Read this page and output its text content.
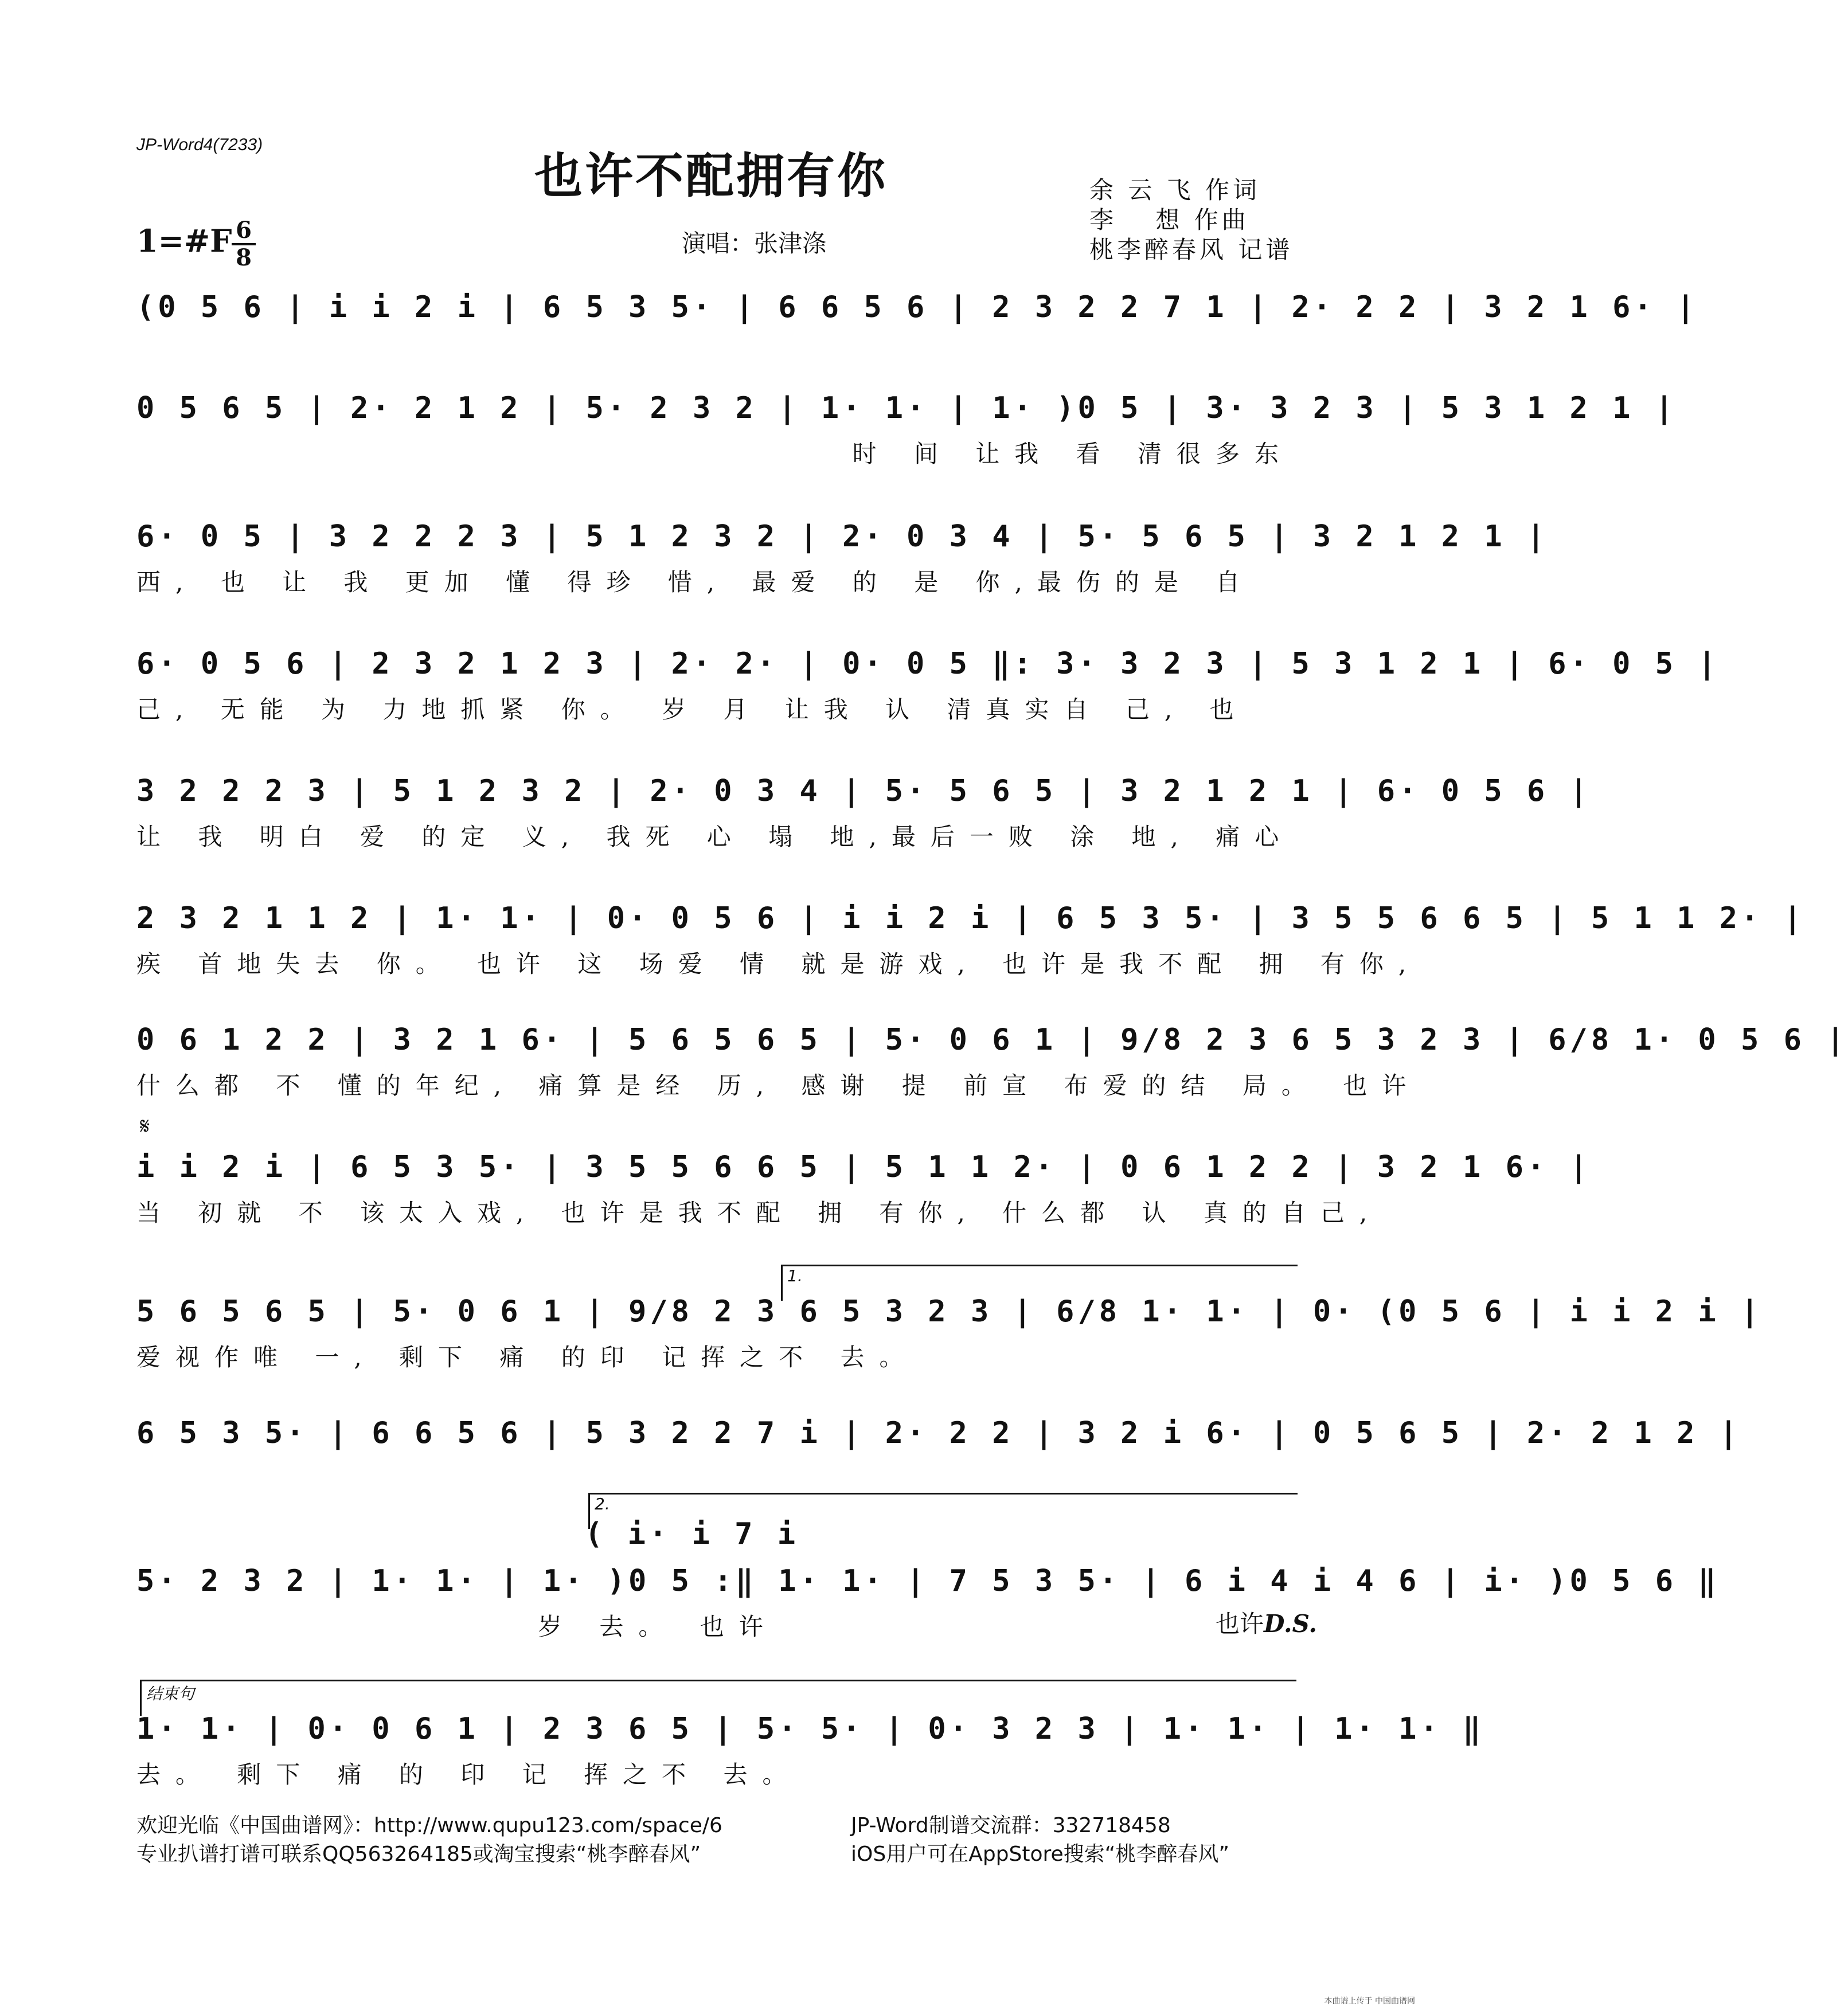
JP-Word4(7233)
也许不配拥有你
1=#F 6
8
演唱：张津涤
余 云 飞 作词
李　 想 作曲
桃李醉春风 记谱
(0 5 6 | i i 2 i | 6 5 3 5· | 6 6 5 6 | 2 3 2 2 7 1 | 2· 2 2 | 3 2 1 6· |
0 5 6 5 | 2· 2 1 2 | 5· 2 3 2 | 1· 1· | 1· )0 5 | 3· 3 2 3 | 5 3 1 2 1 |
时 间 让我 看 清很多东
6· 0 5 | 3 2 2 2 3 | 5 1 2 3 2 | 2· 0 3 4 | 5· 5 6 5 | 3 2 1 2 1 |
西, 也 让 我 更加 懂 得珍 惜, 最爱 的 是 你,最伤的是 自
6· 0 5 6 | 2 3 2 1 2 3 | 2· 2· | 0· 0 5 ‖: 3· 3 2 3 | 5 3 1 2 1 | 6· 0 5 |
己, 无能 为 力地抓紧 你。 岁 月 让我 认 清真实自 己, 也
3 2 2 2 3 | 5 1 2 3 2 | 2· 0 3 4 | 5· 5 6 5 | 3 2 1 2 1 | 6· 0 5 6 |
让 我 明白 爱 的定 义, 我死 心 塌 地,最后一败 涂 地, 痛心
2 3 2 1 1 2 | 1· 1· | 0· 0 5 6 | i i 2 i | 6 5 3 5· | 3 5 5 6 6 5 | 5 1 1 2· |
疾 首地失去 你。 也许 这 场爱 情 就是游戏, 也许是我不配 拥 有你,
0 6 1 2 2 | 3 2 1 6· | 5 6 5 6 5 | 5· 0 6 1 | 9/8 2 3 6 5 3 2 3 | 6/8 1· 0 5 6 |
什么都 不 懂的年纪, 痛算是经 历, 感谢 提 前宣 布爱的结 局。 也许
𝄋
i i 2 i | 6 5 3 5· | 3 5 5 6 6 5 | 5 1 1 2· | 0 6 1 2 2 | 3 2 1 6· |
当 初就 不 该太入戏, 也许是我不配 拥 有你, 什么都 认 真的自己,
1.
5 6 5 6 5 | 5· 0 6 1 | 9/8 2 3 6 5 3 2 3 | 6/8 1· 1· | 0· (0 5 6 | i i 2 i |
爱视作唯 一, 剩下 痛 的印 记挥之不 去。
6 5 3 5· | 6 6 5 6 | 5 3 2 2 7 i | 2· 2 2 | 3 2 i 6· | 0 5 6 5 | 2· 2 1 2 |
2.
( i· i 7 i
5· 2 3 2 | 1· 1· | 1· )0 5 :‖ 1· 1· | 7 5 3 5· | 6 i 4 i 4 6 | i· )0 5 6 ‖
岁 去。 也许	也许D.S.
结束句
1· 1· | 0· 0 6 1 | 2 3 6 5 | 5· 5· | 0· 3 2 3 | 1· 1· | 1· 1· ‖
去。 剩下 痛 的 印 记 挥之不 去。
欢迎光临《中国曲谱网》：http://www.qupu123.com/space/6
专业扒谱打谱可联系QQ563264185或淘宝搜索“桃李醉春风”
JP-Word制谱交流群：332718458
iOS用户可在AppStore搜索“桃李醉春风”
本曲谱上传于 中国曲谱网
